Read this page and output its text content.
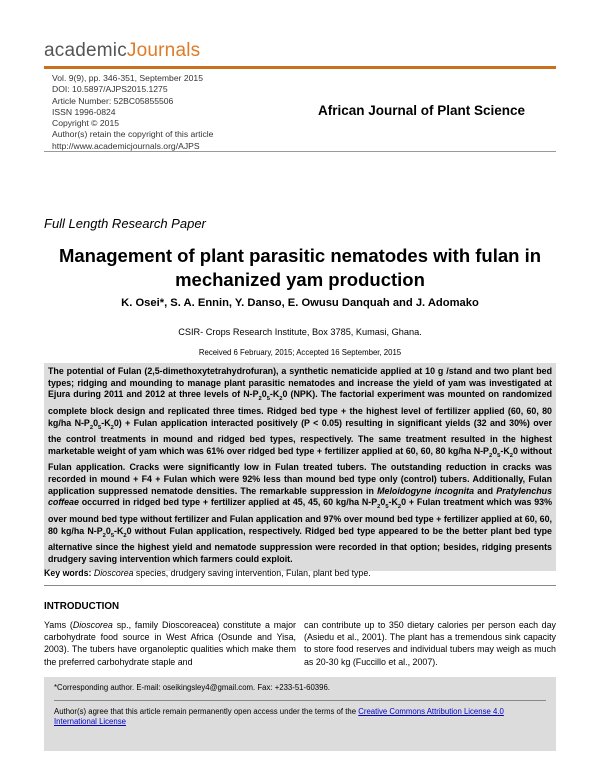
academicJournals
Vol. 9(9), pp. 346-351, September 2015
DOI: 10.5897/AJPS2015.1275
Article Number: 52BC05855506
ISSN 1996-0824
Copyright © 2015
Author(s) retain the copyright of this article
http://www.academicjournals.org/AJPS
African Journal of Plant Science
Full Length Research Paper
Management of plant parasitic nematodes with fulan in mechanized yam production
K. Osei*, S. A. Ennin, Y. Danso, E. Owusu Danquah and J. Adomako
CSIR- Crops Research Institute, Box 3785, Kumasi, Ghana.
Received 6 February, 2015; Accepted 16 September, 2015
The potential of Fulan (2,5-dimethoxytetrahydrofuran), a synthetic nematicide applied at 10 g /stand and two plant bed types; ridging and mounding to manage plant parasitic nematodes and increase the yield of yam was investigated at Ejura during 2011 and 2012 at three levels of $N-P_20_5-K_20$ (NPK). The factorial experiment was mounted on randomized complete block design and replicated three times. Ridged bed type + the highest level of fertilizer applied (60, 60, 80 kg/ha $N-P_20_5-K_20$) + Fulan application interacted positively (P < 0.05) resulting in significant yields (32 and 30%) over the control treatments in mound and ridged bed types, respectively. The same treatment resulted in the highest marketable weight of yam which was 61% over ridged bed type + fertilizer applied at 60, 60, 80 kg/ha $N-P_20_5-K_20$ without Fulan application. Cracks were significantly low in Fulan treated tubers. The outstanding reduction in cracks was recorded in mound + F4 + Fulan which were 92% less than mound bed type only (control) tubers. Additionally, Fulan application suppressed nematode densities. The remarkable suppression in Meloidogyne incognita and Pratylenchus coffeae occurred in ridged bed type + fertilizer applied at 45, 45, 60 kg/ha $N-P_20_5-K_20$ + Fulan treatment which was 93% over mound bed type without fertilizer and Fulan application and 97% over mound bed type + fertilizer applied at 60, 60, 80 kg/ha $N-P_20_5-K_20$ without Fulan application, respectively. Ridged bed type appeared to be the better plant bed type alternative since the highest yield and nematode suppression were recorded in that option; besides, ridging presents drudgery saving intervention which farmers could exploit.
Key words: Dioscorea species, drudgery saving intervention, Fulan, plant bed type.
INTRODUCTION
Yams (Dioscorea sp., family Dioscoreacea) constitute a major carbohydrate food source in West Africa (Osunde and Yisa, 2003). The tubers have organoleptic qualities which make them the preferred carbohydrate staple and
can contribute up to 350 dietary calories per person each day (Asiedu et al., 2001). The plant has a tremendous sink capacity to store food reserves and individual tubers may weigh as much as 20-30 kg (Fuccillo et al., 2007).
*Corresponding author. E-mail: oseikingsley4@gmail.com. Fax: +233-51-60396.
Author(s) agree that this article remain permanently open access under the terms of the Creative Commons Attribution License 4.0 International License
